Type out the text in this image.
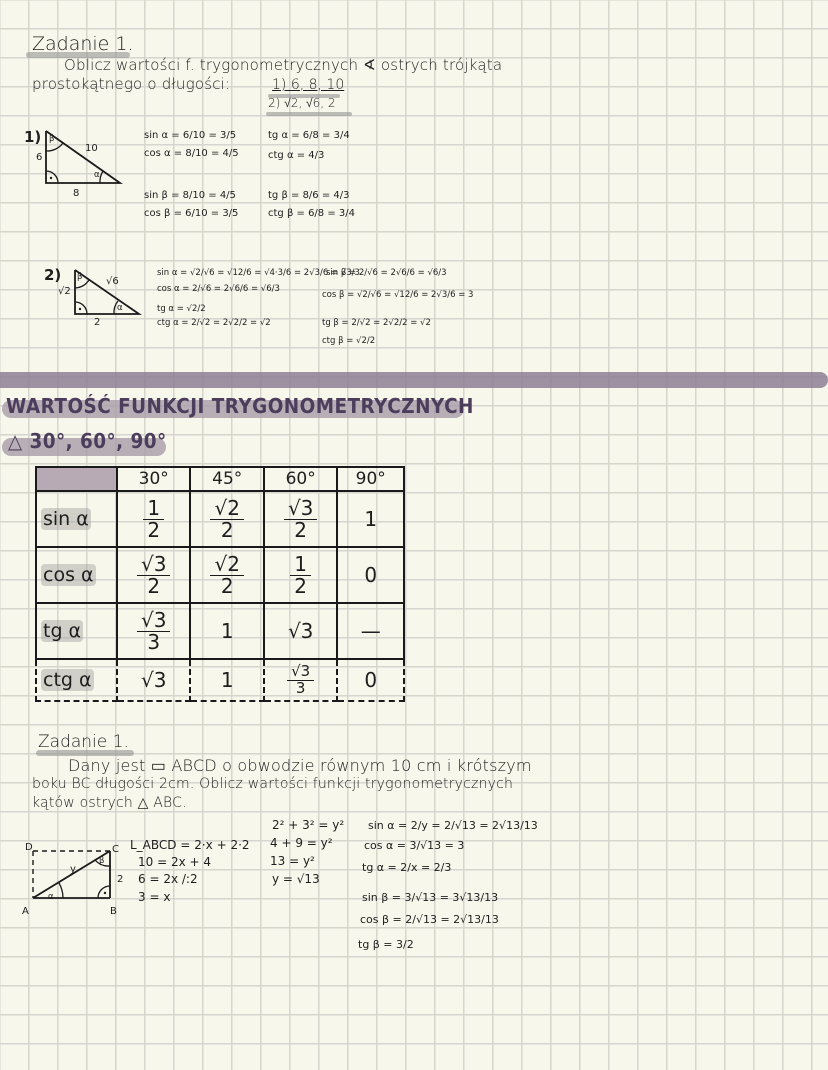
Zadanie 1.
Oblicz wartości f. trygonometrycznych ∢ ostrych trójkąta
prostokątnego o długości:	1) 6, 8, 10
2) √2, √6, 2
1) β
α
6
10
8
sin α = 6/10 = 3/5
cos α = 8/10 = 4/5
sin β = 8/10 = 4/5
cos β = 6/10 = 3/5
tg α = 6/8 = 3/4
ctg α = 4/3
tg β = 8/6 = 4/3
ctg β = 6/8 = 3/4
2) β
α
√2
√6
2
sin α = √2/√6 = √12/6 = √4·3/6 = 2√3/6 = √3/3
cos α = 2/√6 = 2√6/6 = √6/3
tg α = √2/2
ctg α = 2/√2 = 2√2/2 = √2
sin β = 2/√6 = 2√6/6 = √6/3
cos β = √2/√6 = √12/6 = 2√3/6 = 3
tg β = 2/√2 = 2√2/2 = √2
ctg β = √2/2
WARTOŚĆ FUNKCJI TRYGONOMETRYCZNYCH
△ 30°, 60°, 90°
	30°	45°	60°	90°
sin α	$\frac{1}{2}$	$\frac{√2}{2}$	$\frac{√3}{2}$	1
cos α	$\frac{√3}{2}$	$\frac{√2}{2}$	$\frac{1}{2}$	0
tg α	$\frac{√3}{3}$	1	√3	—
ctg α	√3	1	$\frac{√3}{3}$	0
Zadanie 1.
Dany jest ▭ ABCD o obwodzie równym 10 cm i krótszym
boku BC długości 2cm. Oblicz wartości funkcji trygonometrycznych
kątów ostrych △ ABC.
D	C
A	B
2
y
α
β
L_ABCD = 2·x + 2·2
10 = 2x + 4
6 = 2x /:2
3 = x
2² + 3² = y²
4 + 9 = y²
13 = y²
y = √13
sin α = 2/y = 2/√13 = 2√13/13
cos α = 3/√13 = 3
tg α = 2/x = 2/3
sin β = 3/√13 = 3√13/13
cos β = 2/√13 = 2√13/13
tg β = 3/2
